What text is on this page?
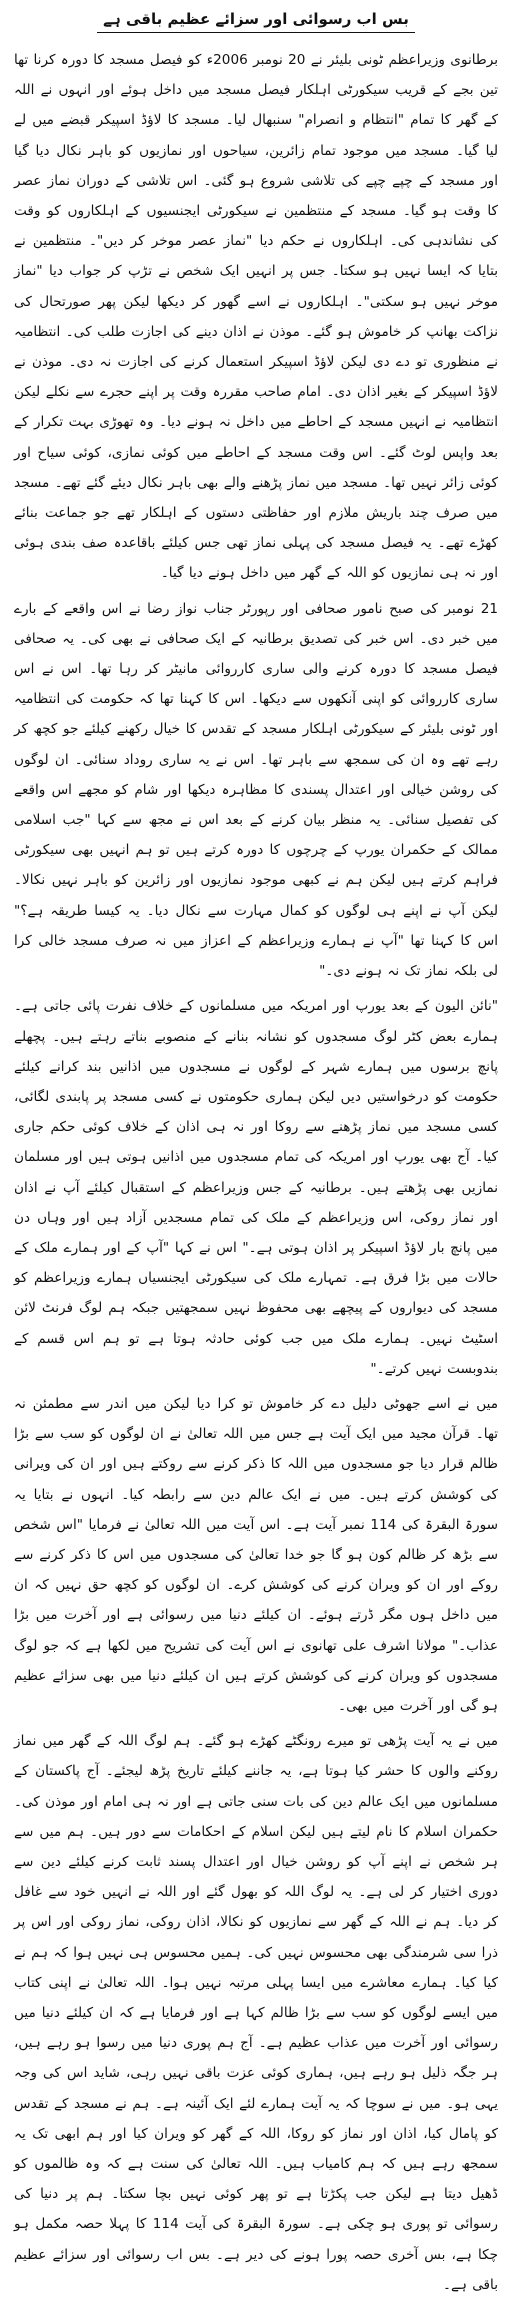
بس اب رسوائی اور سزائے عظیم باقی ہے

برطانوی وزیراعظم ٹونی بلیئر نے 20 نومبر 2006ء کو فیصل مسجد کا دورہ کرنا تھا تین بجے کے قریب سیکورٹی اہلکار فیصل مسجد میں داخل ہوئے اور انہوں نے اللہ کے گھر کا تمام "انتظام و انصرام" سنبھال لیا۔ مسجد کا لاؤڈ اسپیکر قبضے میں لے لیا گیا۔ مسجد میں موجود تمام زائرین، سیاحوں اور نمازیوں کو باہر نکال دیا گیا اور مسجد کے چپے چپے کی تلاشی شروع ہو گئی۔ اس تلاشی کے دوران نماز عصر کا وقت ہو گیا۔ مسجد کے منتظمین نے سیکورٹی ایجنسیوں کے اہلکاروں کو وقت کی نشاندہی کی۔ اہلکاروں نے حکم دیا "نماز عصر موخر کر دیں"۔ منتظمین نے بتایا کہ ایسا نہیں ہو سکتا۔ جس پر انہیں ایک شخص نے تڑپ کر جواب دیا "نماز موخر نہیں ہو سکتی"۔ اہلکاروں نے اسے گھور کر دیکھا لیکن پھر صورتحال کی نزاکت بھانپ کر خاموش ہو گئے۔ موذن نے اذان دینے کی اجازت طلب کی۔ انتظامیہ نے منظوری تو دے دی لیکن لاؤڈ اسپیکر استعمال کرنے کی اجازت نہ دی۔ موذن نے لاؤڈ اسپیکر کے بغیر اذان دی۔ امام صاحب مقررہ وقت پر اپنے حجرے سے نکلے لیکن انتظامیہ نے انہیں مسجد کے احاطے میں داخل نہ ہونے دیا۔ وہ تھوڑی بہت تکرار کے بعد واپس لوٹ گئے۔ اس وقت مسجد کے احاطے میں کوئی نمازی، کوئی سیاح اور کوئی زائر نہیں تھا۔ مسجد میں نماز پڑھنے والے بھی باہر نکال دیئے گئے تھے۔ مسجد میں صرف چند باریش ملازم اور حفاظتی دستوں کے اہلکار تھے جو جماعت بنائے کھڑے تھے۔ یہ فیصل مسجد کی پہلی نماز تھی جس کیلئے باقاعدہ صف بندی ہوئی اور نہ ہی نمازیوں کو اللہ کے گھر میں داخل ہونے دیا گیا۔

21 نومبر کی صبح نامور صحافی اور رپورٹر جناب نواز رضا نے اس واقعے کے بارے میں خبر دی۔ اس خبر کی تصدیق برطانیہ کے ایک صحافی نے بھی کی۔ یہ صحافی فیصل مسجد کا دورہ کرنے والی ساری کارروائی مانیٹر کر رہا تھا۔ اس نے اس ساری کارروائی کو اپنی آنکھوں سے دیکھا۔ اس کا کہنا تھا کہ حکومت کی انتظامیہ اور ٹونی بلیئر کے سیکورٹی اہلکار مسجد کے تقدس کا خیال رکھنے کیلئے جو کچھ کر رہے تھے وہ ان کی سمجھ سے باہر تھا۔ اس نے یہ ساری روداد سنائی۔ ان لوگوں کی روشن خیالی اور اعتدال پسندی کا مظاہرہ دیکھا اور شام کو مجھے اس واقعے کی تفصیل سنائی۔ یہ منظر بیان کرنے کے بعد اس نے مجھ سے کہا "جب اسلامی ممالک کے حکمران یورپ کے چرچوں کا دورہ کرتے ہیں تو ہم انہیں بھی سیکورٹی فراہم کرتے ہیں لیکن ہم نے کبھی موجود نمازیوں اور زائرین کو باہر نہیں نکالا۔ لیکن آپ نے اپنے ہی لوگوں کو کمال مہارت سے نکال دیا۔ یہ کیسا طریقہ ہے؟" اس کا کہنا تھا "آپ نے ہمارے وزیراعظم کے اعزاز میں نہ صرف مسجد خالی کرا لی بلکہ نماز تک نہ ہونے دی۔"

"نائن الیون کے بعد یورپ اور امریکہ میں مسلمانوں کے خلاف نفرت پائی جاتی ہے۔ ہمارے بعض کٹر لوگ مسجدوں کو نشانہ بنانے کے منصوبے بناتے رہتے ہیں۔ پچھلے پانچ برسوں میں ہمارے شہر کے لوگوں نے مسجدوں میں اذانیں بند کرانے کیلئے حکومت کو درخواستیں دیں لیکن ہماری حکومتوں نے کسی مسجد پر پابندی لگائی، کسی مسجد میں نماز پڑھنے سے روکا اور نہ ہی اذان کے خلاف کوئی حکم جاری کیا۔ آج بھی یورپ اور امریکہ کی تمام مسجدوں میں اذانیں ہوتی ہیں اور مسلمان نمازیں بھی پڑھتے ہیں۔ برطانیہ کے جس وزیراعظم کے استقبال کیلئے آپ نے اذان اور نماز روکی، اس وزیراعظم کے ملک کی تمام مسجدیں آزاد ہیں اور وہاں دن میں پانچ بار لاؤڈ اسپیکر پر اذان ہوتی ہے۔" اس نے کہا "آپ کے اور ہمارے ملک کے حالات میں بڑا فرق ہے۔ تمہارے ملک کی سیکورٹی ایجنسیاں ہمارے وزیراعظم کو مسجد کی دیواروں کے پیچھے بھی محفوظ نہیں سمجھتیں جبکہ ہم لوگ فرنٹ لائن اسٹیٹ نہیں۔ ہمارے ملک میں جب کوئی حادثہ ہوتا ہے تو ہم اس قسم کے بندوبست نہیں کرتے۔"

میں نے اسے جھوٹی دلیل دے کر خاموش تو کرا دیا لیکن میں اندر سے مطمئن نہ تھا۔ قرآن مجید میں ایک آیت ہے جس میں اللہ تعالیٰ نے ان لوگوں کو سب سے بڑا ظالم قرار دیا جو مسجدوں میں اللہ کا ذکر کرنے سے روکتے ہیں اور ان کی ویرانی کی کوشش کرتے ہیں۔ میں نے ایک عالم دین سے رابطہ کیا۔ انہوں نے بتایا یہ سورۃ البقرۃ کی 114 نمبر آیت ہے۔ اس آیت میں اللہ تعالیٰ نے فرمایا "اس شخص سے بڑھ کر ظالم کون ہو گا جو خدا تعالیٰ کی مسجدوں میں اس کا ذکر کرنے سے روکے اور ان کو ویران کرنے کی کوشش کرے۔ ان لوگوں کو کچھ حق نہیں کہ ان میں داخل ہوں مگر ڈرتے ہوئے۔ ان کیلئے دنیا میں رسوائی ہے اور آخرت میں بڑا عذاب۔" مولانا اشرف علی تھانوی نے اس آیت کی تشریح میں لکھا ہے کہ جو لوگ مسجدوں کو ویران کرنے کی کوشش کرتے ہیں ان کیلئے دنیا میں بھی سزائے عظیم ہو گی اور آخرت میں بھی۔

میں نے یہ آیت پڑھی تو میرے رونگٹے کھڑے ہو گئے۔ ہم لوگ اللہ کے گھر میں نماز روکنے والوں کا حشر کیا ہوتا ہے، یہ جاننے کیلئے تاریخ پڑھ لیجئے۔ آج پاکستان کے مسلمانوں میں ایک عالم دین کی بات سنی جاتی ہے اور نہ ہی امام اور موذن کی۔ حکمران اسلام کا نام لیتے ہیں لیکن اسلام کے احکامات سے دور ہیں۔ ہم میں سے ہر شخص نے اپنے آپ کو روشن خیال اور اعتدال پسند ثابت کرنے کیلئے دین سے دوری اختیار کر لی ہے۔ یہ لوگ اللہ کو بھول گئے اور اللہ نے انہیں خود سے غافل کر دیا۔ ہم نے اللہ کے گھر سے نمازیوں کو نکالا، اذان روکی، نماز روکی اور اس پر ذرا سی شرمندگی بھی محسوس نہیں کی۔ ہمیں محسوس ہی نہیں ہوا کہ ہم نے کیا کیا۔ ہمارے معاشرے میں ایسا پہلی مرتبہ نہیں ہوا۔ اللہ تعالیٰ نے اپنی کتاب میں ایسے لوگوں کو سب سے بڑا ظالم کہا ہے اور فرمایا ہے کہ ان کیلئے دنیا میں رسوائی اور آخرت میں عذاب عظیم ہے۔ آج ہم پوری دنیا میں رسوا ہو رہے ہیں، ہر جگہ ذلیل ہو رہے ہیں، ہماری کوئی عزت باقی نہیں رہی، شاید اس کی وجہ یہی ہو۔ میں نے سوچا کہ یہ آیت ہمارے لئے ایک آئینہ ہے۔ ہم نے مسجد کے تقدس کو پامال کیا، اذان اور نماز کو روکا، اللہ کے گھر کو ویران کیا اور ہم ابھی تک یہ سمجھ رہے ہیں کہ ہم کامیاب ہیں۔ اللہ تعالیٰ کی سنت ہے کہ وہ ظالموں کو ڈھیل دیتا ہے لیکن جب پکڑتا ہے تو پھر کوئی نہیں بچا سکتا۔ ہم پر دنیا کی رسوائی تو پوری ہو چکی ہے۔ سورۃ البقرۃ کی آیت 114 کا پہلا حصہ مکمل ہو چکا ہے، بس آخری حصہ پورا ہونے کی دیر ہے۔ بس اب رسوائی اور سزائے عظیم باقی ہے۔
